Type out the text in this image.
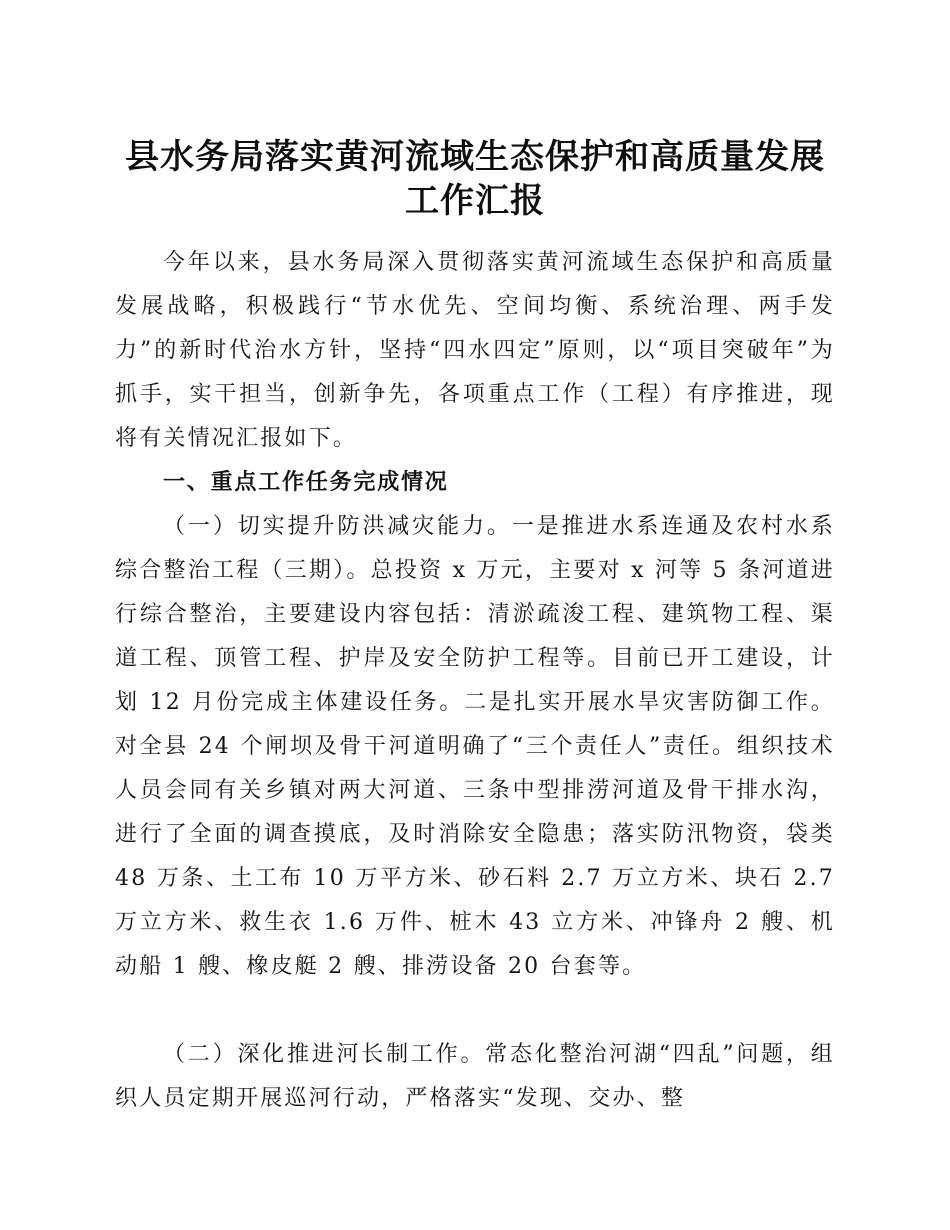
县水务局落实黄河流域生态保护和高质量发展
工作汇报

今年以来，县水务局深入贯彻落实黄河流域生态保护和高质量发展战略，积极践行“节水优先、空间均衡、系统治理、两手发力”的新时代治水方针，坚持“四水四定”原则，以“项目突破年”为抓手，实干担当，创新争先，各项重点工作（工程）有序推进，现将有关情况汇报如下。

一、重点工作任务完成情况

（一）切实提升防洪减灾能力。一是推进水系连通及农村水系综合整治工程（三期）。总投资 x 万元，主要对 x 河等 5 条河道进行综合整治，主要建设内容包括：清淤疏浚工程、建筑物工程、渠道工程、顶管工程、护岸及安全防护工程等。目前已开工建设，计划 12 月份完成主体建设任务。二是扎实开展水旱灾害防御工作。对全县 24 个闸坝及骨干河道明确了“三个责任人”责任。组织技术人员会同有关乡镇对两大河道、三条中型排涝河道及骨干排水沟，进行了全面的调查摸底，及时消除安全隐患；落实防汛物资，袋类 48 万条、土工布 10 万平方米、砂石料 2.7 万立方米、块石 2.7 万立方米、救生衣 1.6 万件、桩木 43 立方米、冲锋舟 2 艘、机动船 1 艘、橡皮艇 2 艘、排涝设备 20 台套等。

（二）深化推进河长制工作。常态化整治河湖“四乱”问题，组织人员定期开展巡河行动，严格落实“发现、交办、整
